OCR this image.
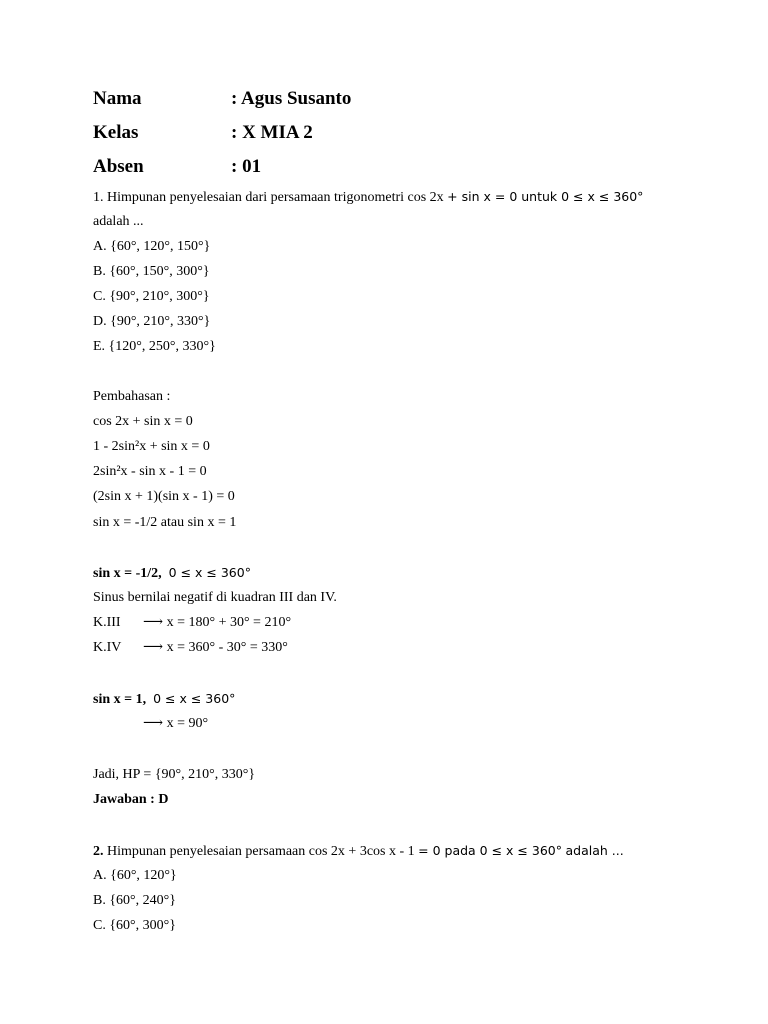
Nama	: Agus Susanto
Kelas	: X MIA 2
Absen	: 01
1. Himpunan penyelesaian dari persamaan trigonometri cos 2x + sin x = 0 untuk 0 ≤ x ≤ 360°
adalah ...
A. {60°, 120°, 150°}
B. {60°, 150°, 300°}
C. {90°, 210°, 300°}
D. {90°, 210°, 330°}
E. {120°, 250°, 330°}
Pembahasan :
cos 2x + sin x = 0
1 - 2sin²x + sin x = 0
2sin²x - sin x - 1 = 0
(2sin x + 1)(sin x - 1) = 0
sin x = -1/2 atau sin x = 1
sin x = -1/2, 0 ≤ x ≤ 360°
Sinus bernilai negatif di kuadran III dan IV.
K.III ⟶ x = 180° + 30° = 210°
K.IV ⟶ x = 360° - 30° = 330°
sin x = 1, 0 ≤ x ≤ 360°
⟶ x = 90°
Jadi, HP = {90°, 210°, 330°}
Jawaban : D
2. Himpunan penyelesaian persamaan cos 2x + 3cos x - 1 = 0 pada 0 ≤ x ≤ 360° adalah ...
A. {60°, 120°}
B. {60°, 240°}
C. {60°, 300°}
